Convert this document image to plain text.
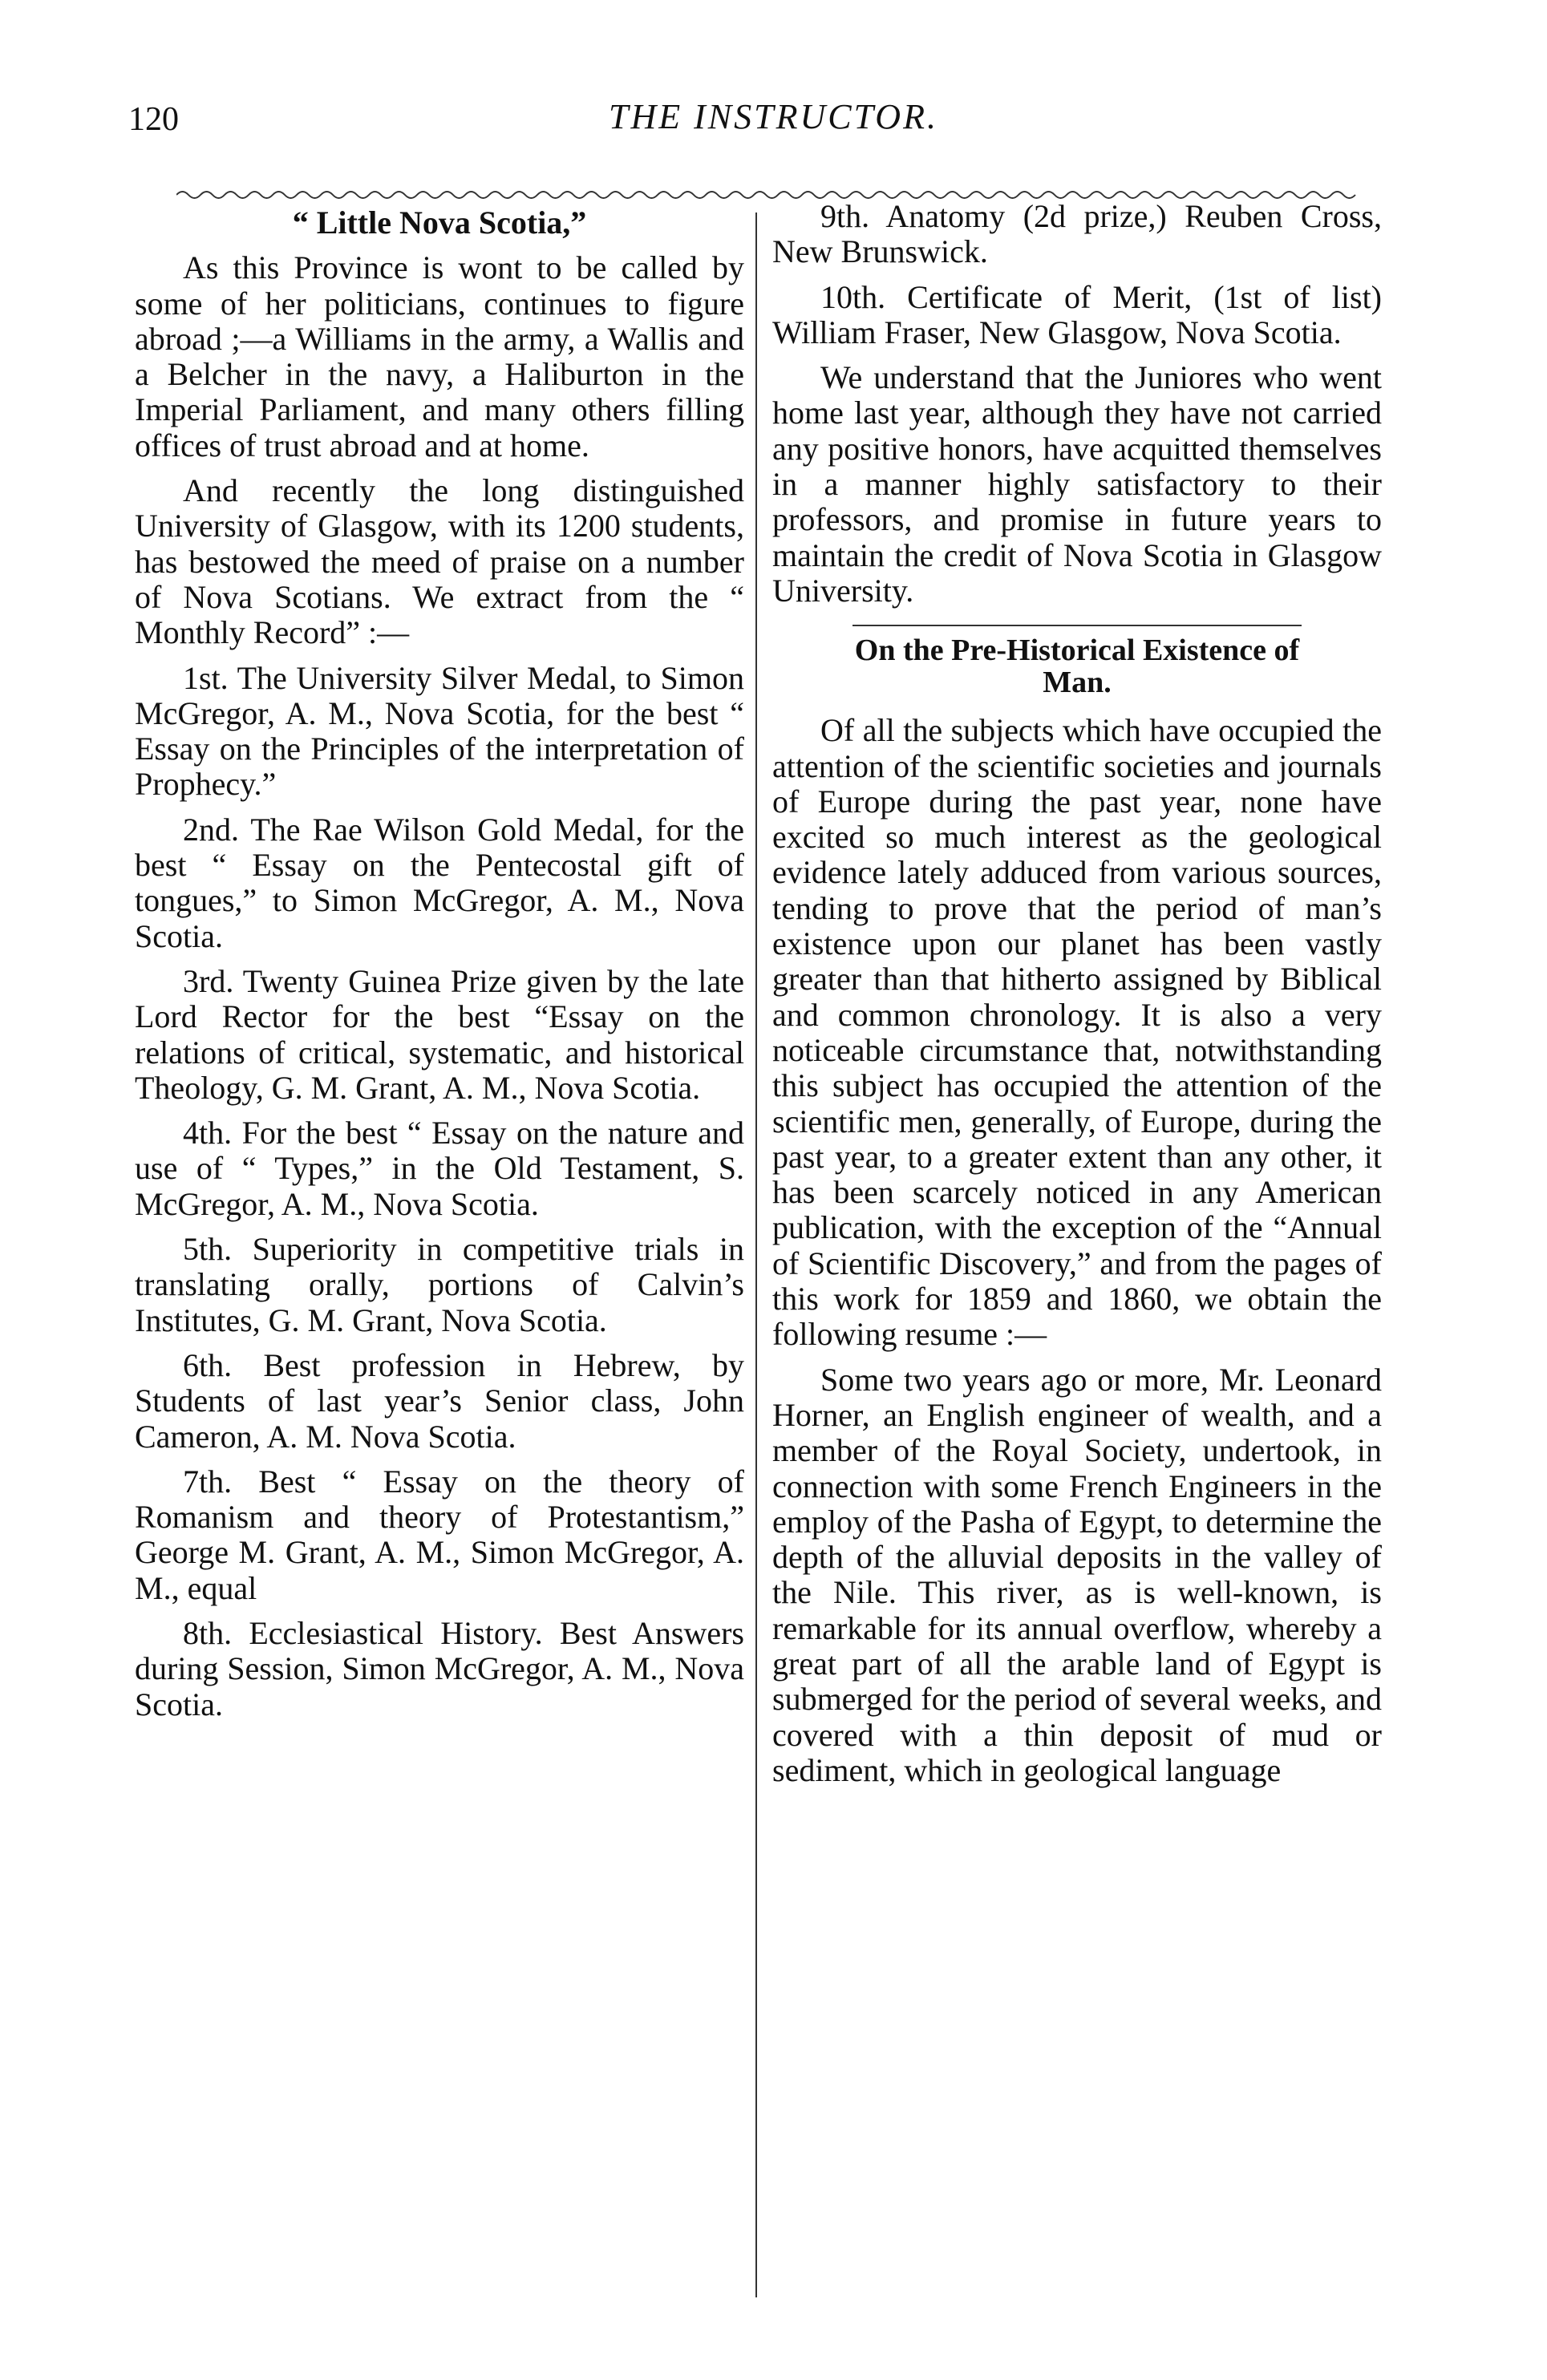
120	THE INSTRUCTOR.
“ Little Nova Scotia,”

As this Province is wont to be called by some of her politicians, continues to figure abroad ;—a Williams in the army, a Wallis and a Belcher in the navy, a Haliburton in the Imperial Parliament, and many others filling offices of trust abroad and at home.

And recently the long distinguished University of Glasgow, with its 1200 students, has bestowed the meed of praise on a number of Nova Scotians. We extract from the “ Monthly Record” :—

1st. The University Silver Medal, to Simon McGregor, A. M., Nova Scotia, for the best “ Essay on the Principles of the interpretation of Prophecy.”

2nd. The Rae Wilson Gold Medal, for the best “ Essay on the Pentecostal gift of tongues,” to Simon McGregor, A. M., Nova Scotia.

3rd. Twenty Guinea Prize given by the late Lord Rector for the best “Essay on the relations of critical, systematic, and historical Theology, G. M. Grant, A. M., Nova Scotia.

4th. For the best “ Essay on the nature and use of “ Types,” in the Old Testament, S. McGregor, A. M., Nova Scotia.

5th. Superiority in competitive trials in translating orally, portions of Calvin’s Institutes, G. M. Grant, Nova Scotia.

6th. Best profession in Hebrew, by Students of last year’s Senior class, John Cameron, A. M. Nova Scotia.

7th. Best “ Essay on the theory of Romanism and theory of Protestantism,” George M. Grant, A. M., Simon McGregor, A. M., equal

8th. Ecclesiastical History. Best Answers during Session, Simon McGregor, A. M., Nova Scotia.

9th. Anatomy (2d prize,) Reuben Cross, New Brunswick.

10th. Certificate of Merit, (1st of list) William Fraser, New Glasgow, Nova Scotia.

We understand that the Juniores who went home last year, although they have not carried any positive honors, have acquitted themselves in a manner highly satisfactory to their professors, and promise in future years to maintain the credit of Nova Scotia in Glasgow University.

On the Pre-Historical Existence of
Man.

Of all the subjects which have occupied the attention of the scientific societies and journals of Europe during the past year, none have excited so much interest as the geological evidence lately adduced from various sources, tending to prove that the period of man’s existence upon our planet has been vastly greater than that hitherto assigned by Biblical and common chronology. It is also a very noticeable circumstance that, notwithstanding this subject has occupied the attention of the scientific men, generally, of Europe, during the past year, to a greater extent than any other, it has been scarcely noticed in any American publication, with the exception of the “Annual of Scientific Discovery,” and from the pages of this work for 1859 and 1860, we obtain the following resume :—

Some two years ago or more, Mr. Leonard Horner, an English engineer of wealth, and a member of the Royal Society, undertook, in connection with some French Engineers in the employ of the Pasha of Egypt, to determine the depth of the alluvial deposits in the valley of the Nile. This river, as is well-known, is remarkable for its annual overflow, whereby a great part of all the arable land of Egypt is submerged for the period of several weeks, and covered with a thin deposit of mud or sediment, which in geological language
